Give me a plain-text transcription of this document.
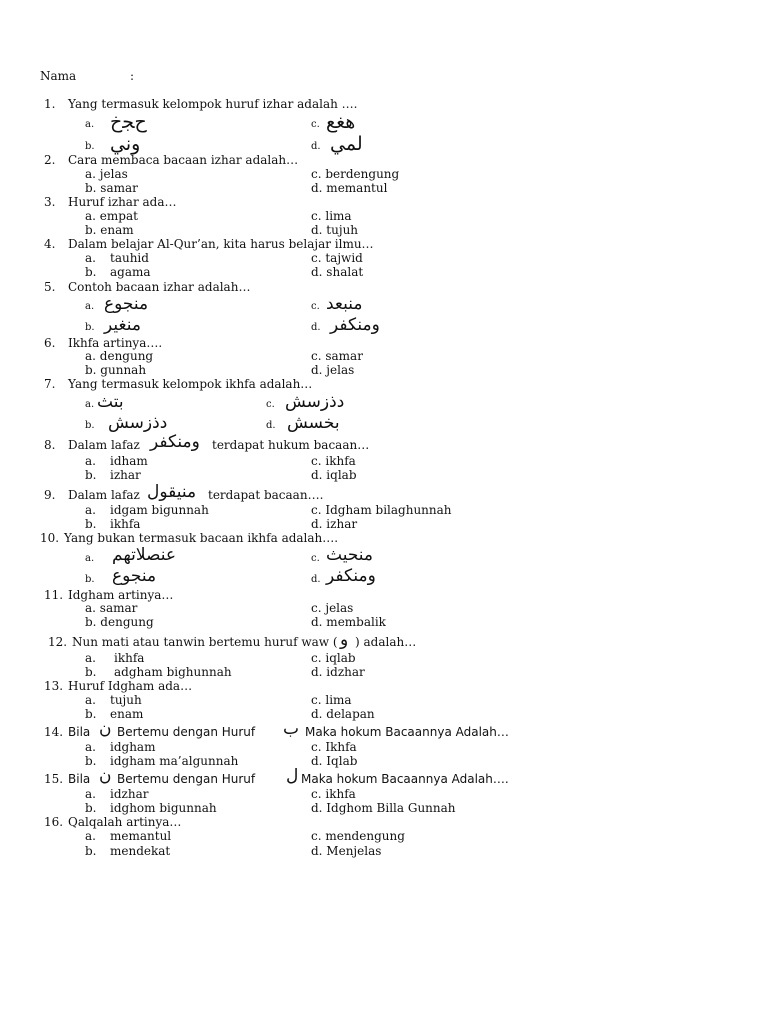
Nama	:
1. Yang termasuk kelompok huruf izhar adalah ….
a. ﺡﺠﺥ	c. ﻫﻐﻊ
b. ﻭﻧﻲ	d. ﻟﻤﻲ
2. Cara membaca bacaan izhar adalah…
a. jelas	c. berdengung
b. samar	d. memantul
3. Huruf izhar ada…
a. empat	c. lima
b. enam	d. tujuh
4. Dalam belajar Al-Qur’an, kita harus belajar ilmu…
a. tauhid	c. tajwid
b. agama	d. shalat
5. Contoh bacaan izhar adalah…
a. منجوع	c. منبعد
b. منغير	d. ومنكفر
6. Ikhfa artinya….
a. dengung	c. samar
b. gunnah	d. jelas
7. Yang termasuk kelompok ikhfa adalah…
a. بتث	c. دذزسش
b. دذزسش	d. بخسش
8. Dalam lafaz ومنكفر terdapat hukum bacaan…
a. idham	c. ikhfa
b. izhar	d. iqlab
9. Dalam lafaz منيقول terdapat bacaan….
a. idgam bigunnah	c. Idgham bilaghunnah
b. ikhfa	d. izhar
10. Yang bukan termasuk bacaan ikhfa adalah….
a. عنصلاتهم	c. منحيث
b. منجوع	d. ومنكفر
11. Idgham artinya…
a. samar	c. jelas
b. dengung	d. membalik
12. Nun mati atau tanwin bertemu huruf waw ( و ) adalah…
a. ikhfa	c. iqlab
b. adgham bighunnah	d. idzhar
13. Huruf Idgham ada…
a. tujuh	c. lima
b. enam	d. delapan
14. Bila ن Bertemu dengan Huruf ب Maka hokum Bacaannya Adalah…
a. idgham	c. Ikhfa
b. idgham ma’algunnah	d. Iqlab
15. Bila ن Bertemu dengan Huruf ل Maka hokum Bacaannya Adalah….
a. idzhar	c. ikhfa
b. idghom bigunnah	d. Idghom Billa Gunnah
16. Qalqalah artinya…
a. memantul	c. mendengung
b. mendekat	d. Menjelas
